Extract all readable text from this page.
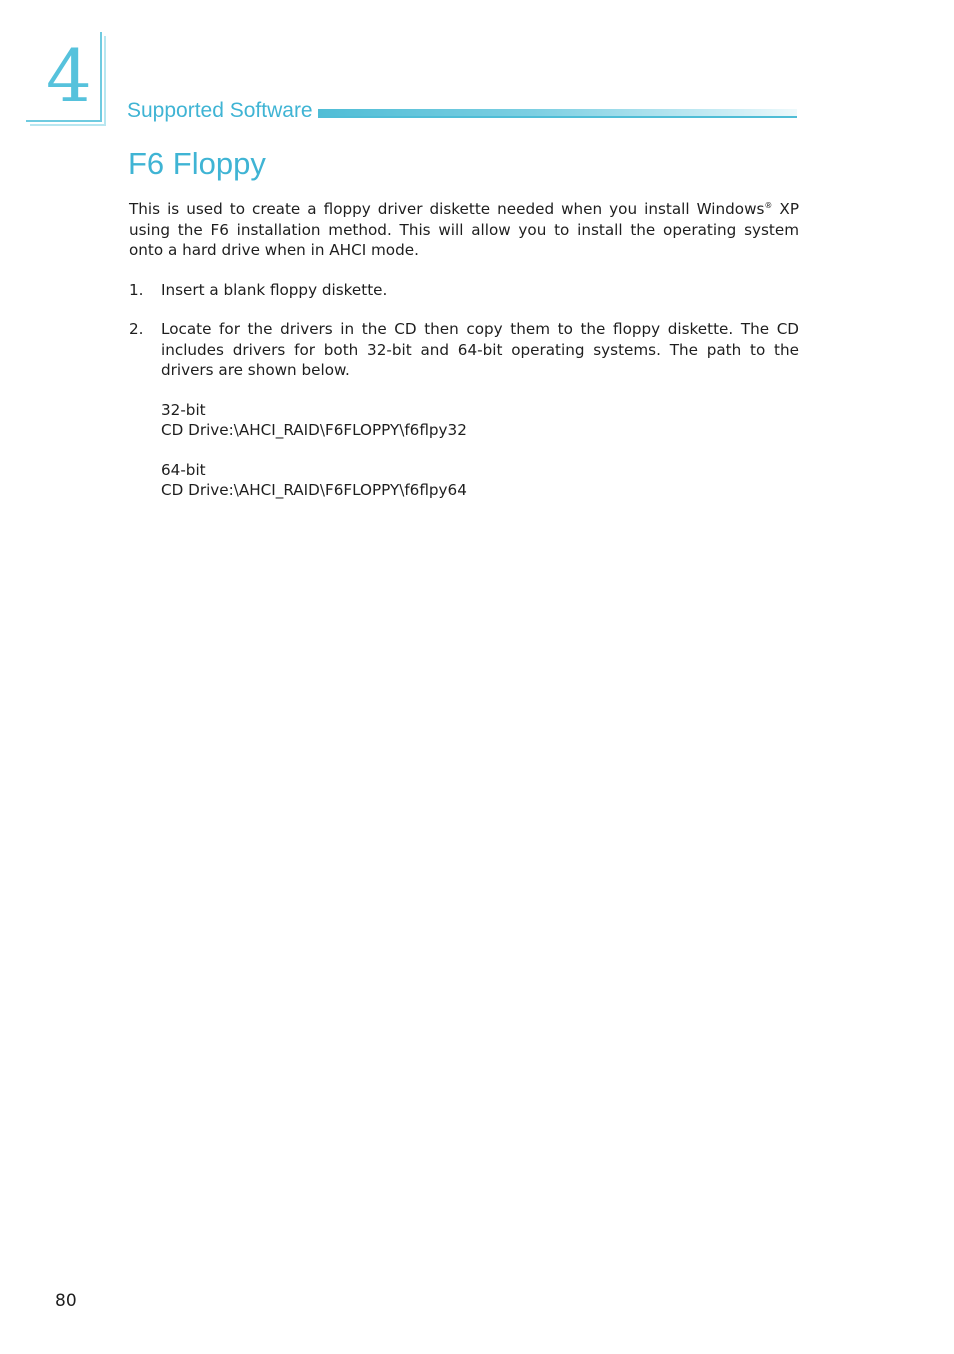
4 Supported Software
F6 Floppy

This is used to create a floppy driver diskette needed when you install Windows® XP using the F6 installation method. This will allow you to install the operating system onto a hard drive when in AHCI mode.

1. Insert a blank floppy diskette.
2. Locate for the drivers in the CD then copy them to the floppy diskette. The CD includes drivers for both 32-bit and 64-bit operating systems. The path to the drivers are shown below.
32-bit
CD Drive:\AHCI_RAID\F6FLOPPY\f6flpy32
64-bit
CD Drive:\AHCI_RAID\F6FLOPPY\f6flpy64
80
